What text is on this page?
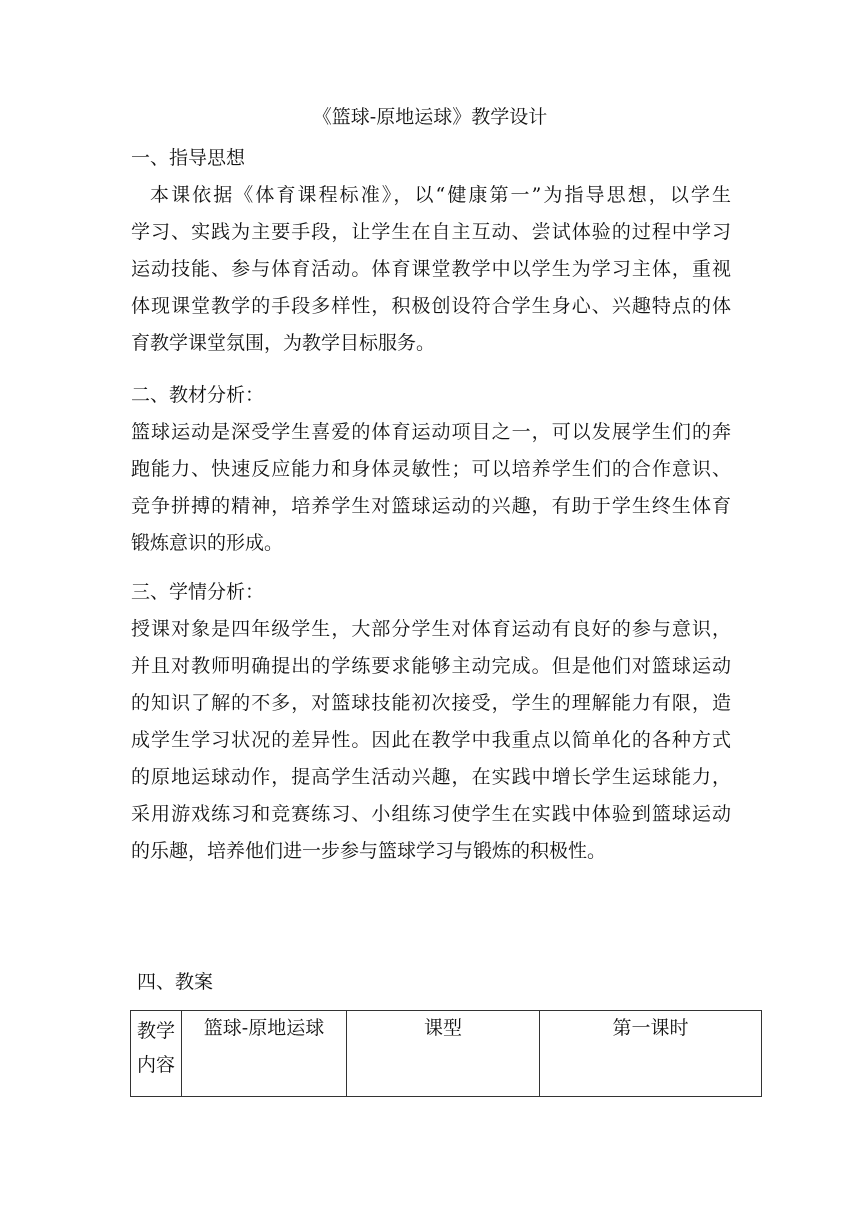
《篮球-原地运球》教学设计
一、指导思想
本课依据《体育课程标准》，以“健康第一”为指导思想，以学生
学习、实践为主要手段，让学生在自主互动、尝试体验的过程中学习
运动技能、参与体育活动。体育课堂教学中以学生为学习主体，重视
体现课堂教学的手段多样性，积极创设符合学生身心、兴趣特点的体
育教学课堂氛围，为教学目标服务。
二、教材分析：
篮球运动是深受学生喜爱的体育运动项目之一，可以发展学生们的奔
跑能力、快速反应能力和身体灵敏性；可以培养学生们的合作意识、
竞争拼搏的精神，培养学生对篮球运动的兴趣，有助于学生终生体育
锻炼意识的形成。
三、学情分析：
授课对象是四年级学生，大部分学生对体育运动有良好的参与意识，
并且对教师明确提出的学练要求能够主动完成。但是他们对篮球运动
的知识了解的不多，对篮球技能初次接受，学生的理解能力有限，造
成学生学习状况的差异性。因此在教学中我重点以简单化的各种方式
的原地运球动作，提高学生活动兴趣，在实践中增长学生运球能力，
采用游戏练习和竞赛练习、小组练习使学生在实践中体验到篮球运动
的乐趣，培养他们进一步参与篮球学习与锻炼的积极性。
四、教案
教学
内容
	篮球-原地运球	课型	第一课时
